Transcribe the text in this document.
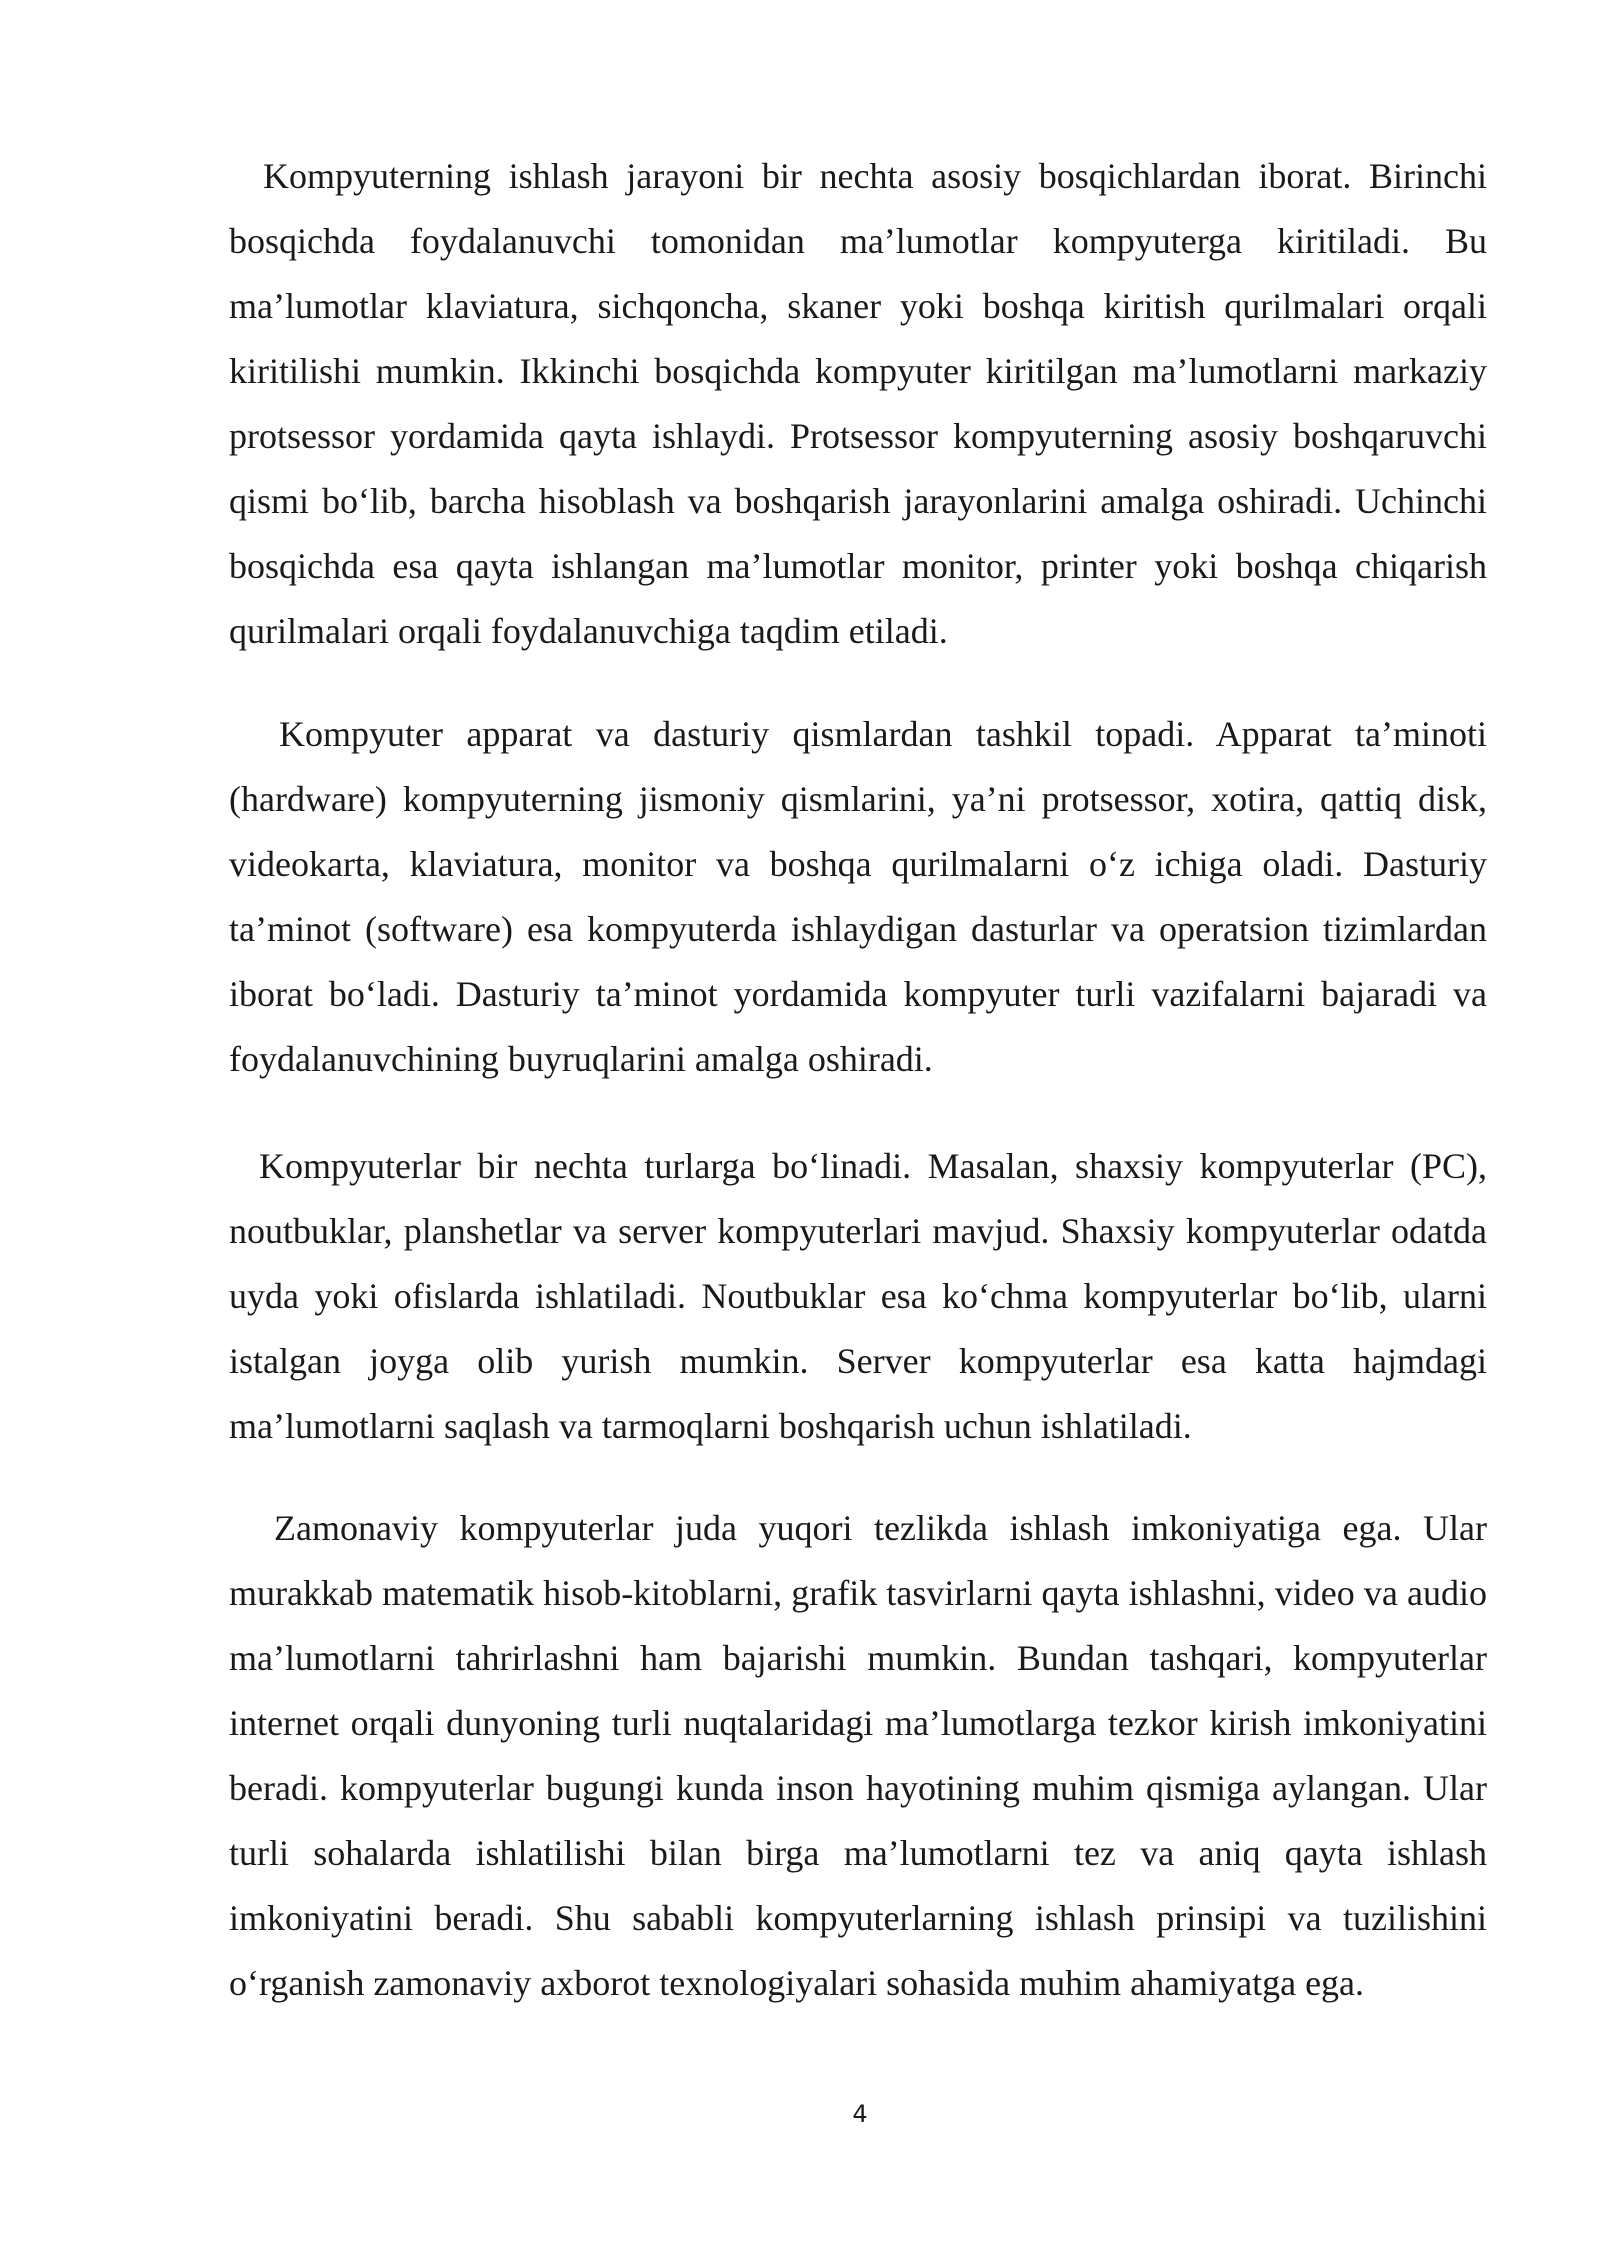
Kompyuterning ishlash jarayoni bir nechta asosiy bosqichlardan iborat. Birinchi bosqichda foydalanuvchi tomonidan ma’lumotlar kompyuterga kiritiladi. Bu ma’lumotlar klaviatura, sichqoncha, skaner yoki boshqa kiritish qurilmalari orqali kiritilishi mumkin. Ikkinchi bosqichda kompyuter kiritilgan ma’lumotlarni markaziy protsessor yordamida qayta ishlaydi. Protsessor kompyuterning asosiy boshqaruvchi qismi bo‘lib, barcha hisoblash va boshqarish jarayonlarini amalga oshiradi. Uchinchi bosqichda esa qayta ishlangan ma’lumotlar monitor, printer yoki boshqa chiqarish qurilmalari orqali foydalanuvchiga taqdim etiladi.

Kompyuter apparat va dasturiy qismlardan tashkil topadi. Apparat ta’minoti (hardware) kompyuterning jismoniy qismlarini, ya’ni protsessor, xotira, qattiq disk, videokarta, klaviatura, monitor va boshqa qurilmalarni o‘z ichiga oladi. Dasturiy ta’minot (software) esa kompyuterda ishlaydigan dasturlar va operatsion tizimlardan iborat bo‘ladi. Dasturiy ta’minot yordamida kompyuter turli vazifalarni bajaradi va foydalanuvchining buyruqlarini amalga oshiradi.

Kompyuterlar bir nechta turlarga bo‘linadi. Masalan, shaxsiy kompyuterlar (PC), noutbuklar, planshetlar va server kompyuterlari mavjud. Shaxsiy kompyuterlar odatda uyda yoki ofislarda ishlatiladi. Noutbuklar esa ko‘chma kompyuterlar bo‘lib, ularni istalgan joyga olib yurish mumkin. Server kompyuterlar esa katta hajmdagi ma’lumotlarni saqlash va tarmoqlarni boshqarish uchun ishlatiladi.

Zamonaviy kompyuterlar juda yuqori tezlikda ishlash imkoniyatiga ega. Ular murakkab matematik hisob-kitoblarni, grafik tasvirlarni qayta ishlashni, video va audio ma’lumotlarni tahrirlashni ham bajarishi mumkin. Bundan tashqari, kompyuterlar internet orqali dunyoning turli nuqtalaridagi ma’lumotlarga tezkor kirish imkoniyatini beradi. kompyuterlar bugungi kunda inson hayotining muhim qismiga aylangan. Ular turli sohalarda ishlatilishi bilan birga ma’lumotlarni tez va aniq qayta ishlash imkoniyatini beradi. Shu sababli kompyuterlarning ishlash prinsipi va tuzilishini o‘rganish zamonaviy axborot texnologiyalari sohasida muhim ahamiyatga ega.

4
